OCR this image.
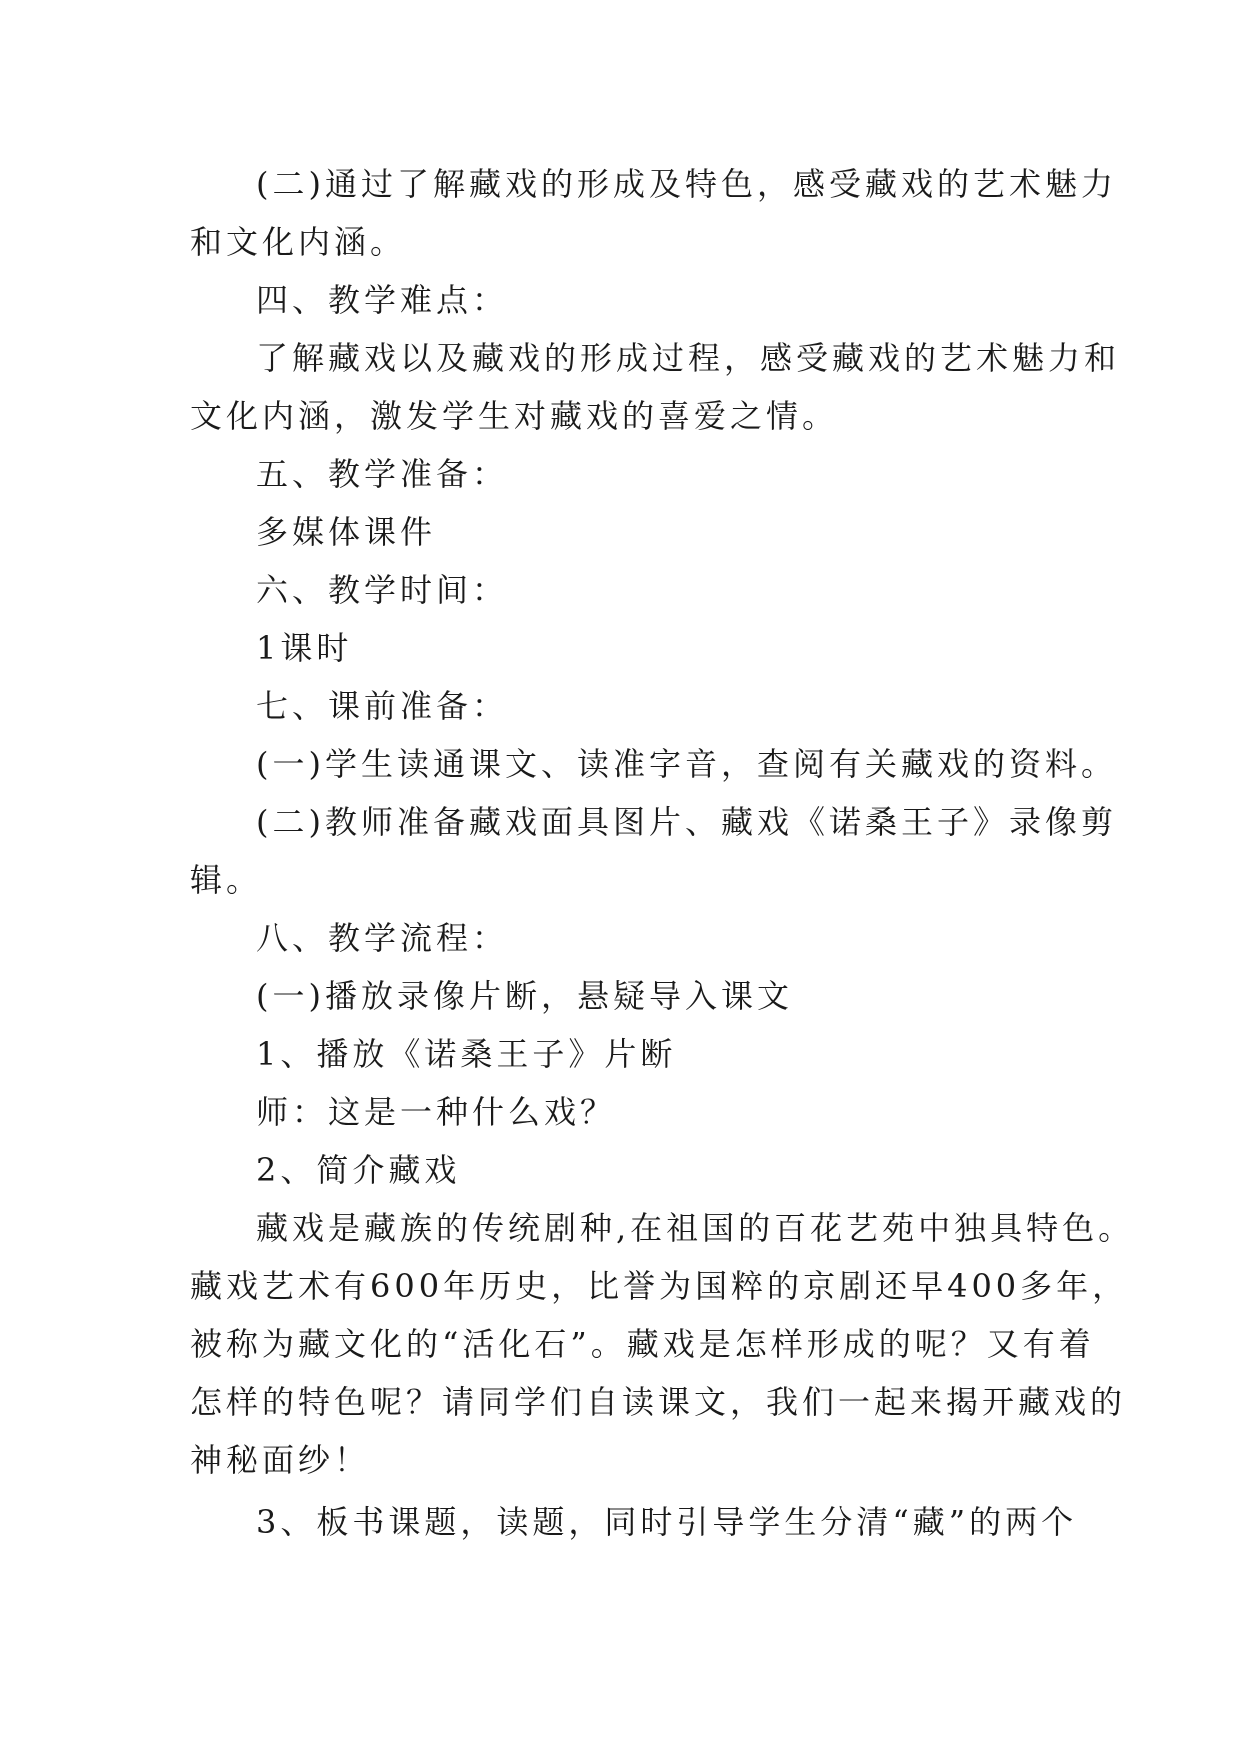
(二)通过了解藏戏的形成及特色，感受藏戏的艺术魅力
和文化内涵。
四、教学难点：
了解藏戏以及藏戏的形成过程，感受藏戏的艺术魅力和
文化内涵，激发学生对藏戏的喜爱之情。
五、教学准备：
多媒体课件
六、教学时间：
1课时
七、课前准备：
(一)学生读通课文、读准字音，查阅有关藏戏的资料。
(二)教师准备藏戏面具图片、藏戏《诺桑王子》录像剪
辑。
八、教学流程：
(一)播放录像片断，悬疑导入课文
1、播放《诺桑王子》片断
师：这是一种什么戏？
2、简介藏戏
藏戏是藏族的传统剧种,在祖国的百花艺苑中独具特色。
藏戏艺术有600年历史，比誉为国粹的京剧还早400多年，
被称为藏文化的“活化石”。藏戏是怎样形成的呢？又有着
怎样的特色呢？请同学们自读课文，我们一起来揭开藏戏的
神秘面纱！
3、板书课题，读题，同时引导学生分清“藏”的两个
